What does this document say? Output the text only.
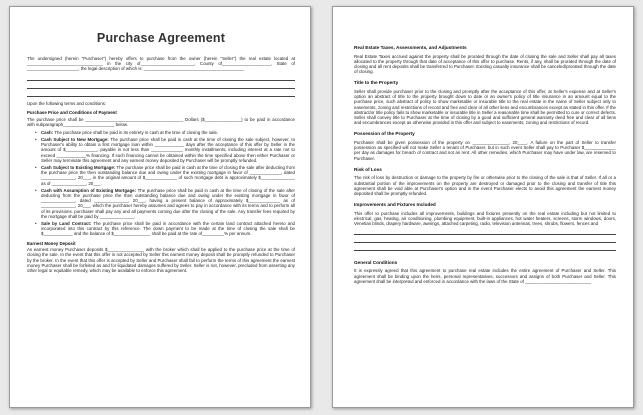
Purchase Agreement
The undersigned (herein "Purchaser") hereby offers to purchase from the owner (herein "Seller") the real estate located at _______________________________ in the city of______________________, County of____________________, State of _____________________, the legal description of which is: _________________________________________
Upon the following terms and conditions:
Purchase Price and Conditions of Payment
The purchase price shall be ________________________________________ Dollars ($_______________) to be paid in accordance with subparagraph_____________________ below.
•	Cash: The purchase price shall be paid in its entirety in cash at the time of closing the sale.
•	Cash Subject to New Mortgage: The purchase price shall be paid in cash at the time of closing the sale subject, however, to Purchaser's ability to obtain a first mortgage loan within ____________ days after the acceptance of this offer by Seller in the amount of $_____________, payable in not less than _____________ monthly installments, including interest at a rate not to exceed ____________% financing. If such financing cannot be obtained within the time specified above then either Purchaser or Seller may terminate this agreement and any earnest money deposited by Purchaser will be promptly refunded.
•	Cash Subject to Existing Mortgage: The purchase price shall be paid in cash at the time of closing the sale after deducting from the purchase price the then outstanding balance due and owing under the existing mortgage in favor of _____________, dated ______________, 20___, in the original amount of $_____________ of such mortgage debt is approximately $______________ as of ______________, 20___.
•	Cash with Assumption of Existing Mortgage: The purchase price shall be paid in cash at the time of closing of the sale after deducting from the purchase price the then outstanding balance due and owing under the existing mortgage in favor of ______________, dated ______________, 20___, having a present balance of approximately $_____________ as of ______________, 20___, which the purchaser hereby assumes and agrees to pay in accordance with its terms and to perform all of its provisions. purchaser shall pay any and all payments coming due after the closing of the sale. Any transfer fees required by the mortgage shall be paid by ______________.
•	Sale by Land Contract: The purchase price shall be paid in accordance with the certain land contract attached hereto and incorporated into this contract by this reference. The down payment to be made at the time of closing the sale shall be $____________ and the balance of $_______________ shall be paid at the rate of_________% per annum.
Earnest Money Deposit
As earnest money Purchaser deposits $_______________ with the broker which shall be applied to the purchase price at the time of closing the sale. In the event that this offer is not accepted by Seller this earnest money deposit shall be promptly refunded to Purchaser by the broker. In the event that this offer is accepted by Seller and Purchaser shall fail to perform the terms of this agreement the earnest money Purchaser shall be forfeited as and for liquidated damages suffered by Seller. Seller is not, however, precluded from asserting any other legal or equitable remedy, which may be available to enforce this agreement.
Real Estate Taxes, Assessments, and Adjustments
Real Estate Taxes accrued against the property shall be prorated through the date of closing the sale and Seller shall pay all taxes allocated to the property through that date of acceptance of this offer to purchase. Rents, if any, shall be prorated through the date of closing and all rent deposits shall be transferred to Purchaser. Existing casualty insurance shall be canceled/prorated through the date of closing.
Title to the Property
Seller shall provide purchaser prior to the closing and promptly after the acceptance of this offer, at Seller's expense and at Seller's option an abstract of title to the property brought down to date or an owner's policy of title insurance in an amount equal to the purchase price, such abstract of policy to show marketable or insurable title to the real estate in the name of Seller subject only to easements, zoning and restrictions of record and free and clear of all other liens and encumbrances except as stated in this offer. If the abstract/or title policy fails to show marketable or insurable title in Seller a reasonable time shall be permitted to cure or correct defects. Seller shall convey title to Purchaser at the time of closing by a good and sufficient general warranty deed free and clear of all liens and encumbrances except as otherwise provided in this offer and subject to easements, zoning and restrictions of record.
Possession of the Property
Purchaser shall be given possession of the property on _______________, 20____. A failure on the part of Seller to transfer possession as specified will not make Seller a tenant of Purchaser, but in such event Seller shall pay to Purchaser $_____________ per day as damages for breach of contract and not as rent. All other remedies, which Purchaser may have under law, are reserved to Purchaser.
Risk of Loss
The risk of loss by destruction or damage to the property by fire or otherwise prior to the closing of the sale is that of Seller. If all or a substantial portion of the improvements on the property are destroyed or damaged prior to the closing and transfer of title this agreement shall be void able at Purchaser's option and in the event Purchaser elects to avoid this agreement the earnest money deposited shall be promptly refunded.
Improvements and Fixtures Included
This offer to purchase includes all improvements, buildings and fixtures presently on the real estate including but not limited to electrical, gas, heating, air conditioning, plumbing equipment, built-in appliances, hot water heaters, screens, storm windows, doors, Venetian blinds, drapery hardware, awnings, attached carpeting, radio, television antennas, trees, shrubs, flowers, fences and
General Conditions
It is expressly agreed that this agreement to purchase real estate includes the entire agreement of Purchaser and Seller. This agreement shall be binding upon the heirs, personal representatives, successors and assigns of both Purchaser and Seller. This agreement shall be interpreted and enforced in accordance with the laws of the State of ___________________________
